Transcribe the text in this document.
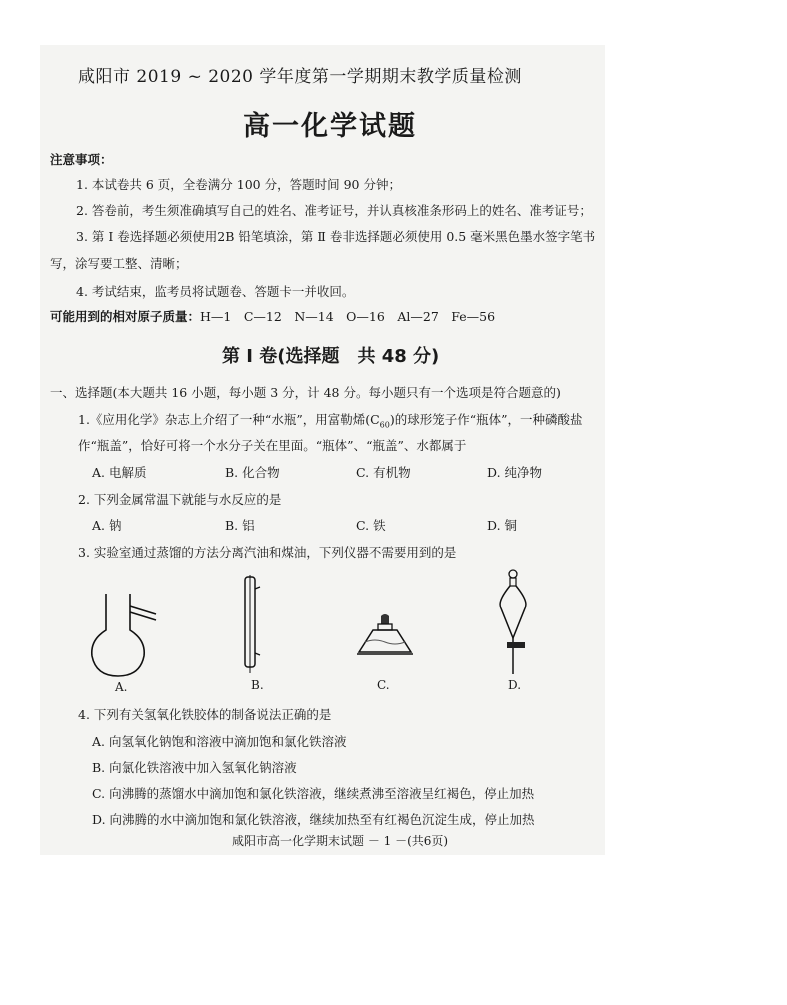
咸阳市 2019 ~ 2020 学年度第一学期期末教学质量检测
高一化学试题
注意事项：
1. 本试卷共 6 页，全卷满分 100 分，答题时间 90 分钟；
2. 答卷前，考生须准确填写自己的姓名、准考证号，并认真核准条形码上的姓名、准考证号；
3. 第 Ⅰ 卷选择题必须使用2B 铅笔填涂，第 Ⅱ 卷非选择题必须使用 0.5 毫米黑色墨水签字笔书
写，涂写要工整、清晰；
4. 考试结束，监考员将试题卷、答题卡一并收回。
可能用到的相对原子质量：H—1　C—12　N—14　O—16　Al—27　Fe—56
第 Ⅰ 卷(选择题　共 48 分)
一、选择题(本大题共 16 小题，每小题 3 分，计 48 分。每小题只有一个选项是符合题意的)
1.《应用化学》杂志上介绍了一种“水瓶”，用富勒烯$(C_{60})$的球形笼子作“瓶体”，一种磷酸盐
作“瓶盖”，恰好可将一个水分子关在里面。“瓶体”、“瓶盖”、水都属于
A. 电解质	B. 化合物	C. 有机物	D. 纯净物
2. 下列金属常温下就能与水反应的是
A. 钠	B. 铝	C. 铁	D. 铜
3. 实验室通过蒸馏的方法分离汽油和煤油，下列仪器不需要用到的是
A.	B.	C.	D.
4. 下列有关氢氧化铁胶体的制备说法正确的是
A. 向氢氧化钠饱和溶液中滴加饱和氯化铁溶液
B. 向氯化铁溶液中加入氢氧化钠溶液
C. 向沸腾的蒸馏水中滴加饱和氯化铁溶液，继续煮沸至溶液呈红褐色，停止加热
D. 向沸腾的水中滴加饱和氯化铁溶液，继续加热至有红褐色沉淀生成，停止加热
咸阳市高一化学期末试题 － 1 －(共6页)
